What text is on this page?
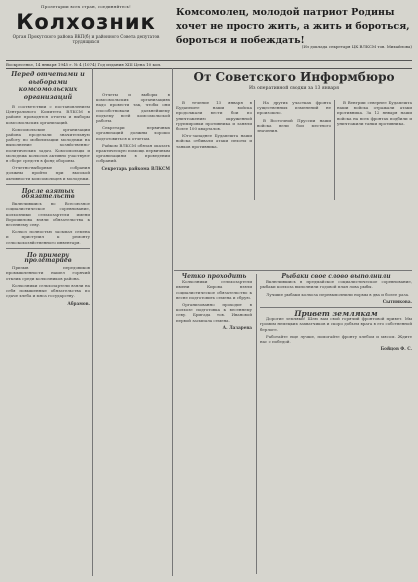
Пролетарии всех стран, соединяйтесь!
Колхозник
Орган Прокутского района ВКП(б) и районного Совета депутатов трудящихся
Комсомолец, молодой патриот Родины хочет не просто жить, а жить и бороться, бороться и побеждать!
(Из доклада секретаря ЦК ВЛКСМ тов. Михайлова)
Воскресенье, 14 января 1945 г. № 4 (1074) Год издания XIII Цена 10 коп.
Перед отчетами и выборами комсомольских организаций

В соответствии с постановлением Центрального Комитета ВЛКСМ в районе проводятся отчеты и выборы комсомольских организаций.

Комсомольские организации района проделали значительную работу по мобилизации молодежи на выполнение хозяйственно-политических задач. Комсомольцы и молодежь колхозов активно участвуют в сборе средств в фонд обороны.

Отчетно-выборные собрания должны пройти при высокой активности комсомольцев и молодежи.

После взятых обязательств

Включившись во Всесоюзное социалистическое соревнование, колхозники сельхозартели имени Ворошилова взяли обязательства к весеннему севу.

Колхоз полностью засыпал семена и приступил к ремонту сельскохозяйственного инвентаря.

По примеру пролетариев

Призыв передовиков промышленности нашел горячий отклик среди колхозников района.

Колхозники сельхозартели взяли на себя повышенные обязательства по сдаче хлеба и мяса государству.

Абрамов.

Отчеты и выборы в комсомольских организациях надо провести так, чтобы они способствовали дальнейшему подъему всей комсомольской работы.

Секретари первичных организаций должны хорошо подготовиться к отчетам.

Райком ВЛКСМ обязан оказать практическую помощь первичным организациям в проведении собраний.

Секретарь райкома ВЛКСМ
От Советского Информбюро
Из оперативной сводки за 13 января

В течение 13 января в Будапеште наши войска продолжали вести бои по уничтожению окруженной группировки противника и заняли более 100 кварталов.

Юго-западнее Будапешта наши войска отбивали атаки пехоты и танков противника.

На других участках фронта существенных изменений не произошло.

В Восточной Пруссии наши войска вели бои местного значения.

В Венгрии севернее Будапешта наши войска отражали атаки противника. За 12 января наши войска на всех фронтах подбили и уничтожили танки противника.

Четко проходить

Колхозники сельхозартели имени Кирова взяли социалистическое обязательство к весне подготовить семена и сбрую.

Организованно проходит в колхозе подготовка к весеннему севу. Бригада тов. Ивановой первой засыпала семена.

А. Лазарева
Рыбаки свое слово выполнили

Включившись в предмайское социалистическое соревнование, рыбаки колхоза выполнили годовой план лова рыбы.

Лучшие рыбаки колхоза перевыполнили нормы в два и более раза.

Сытникова.
Привет землякам

Дорогие земляки! Шлю вам свой горячий фронтовой привет. Мы громим немецких захватчиков и скоро добьем врага в его собственной берлоге.

Работайте еще лучше, помогайте фронту хлебом и мясом. Ждите нас с победой.

Бойцов Ф. С.
